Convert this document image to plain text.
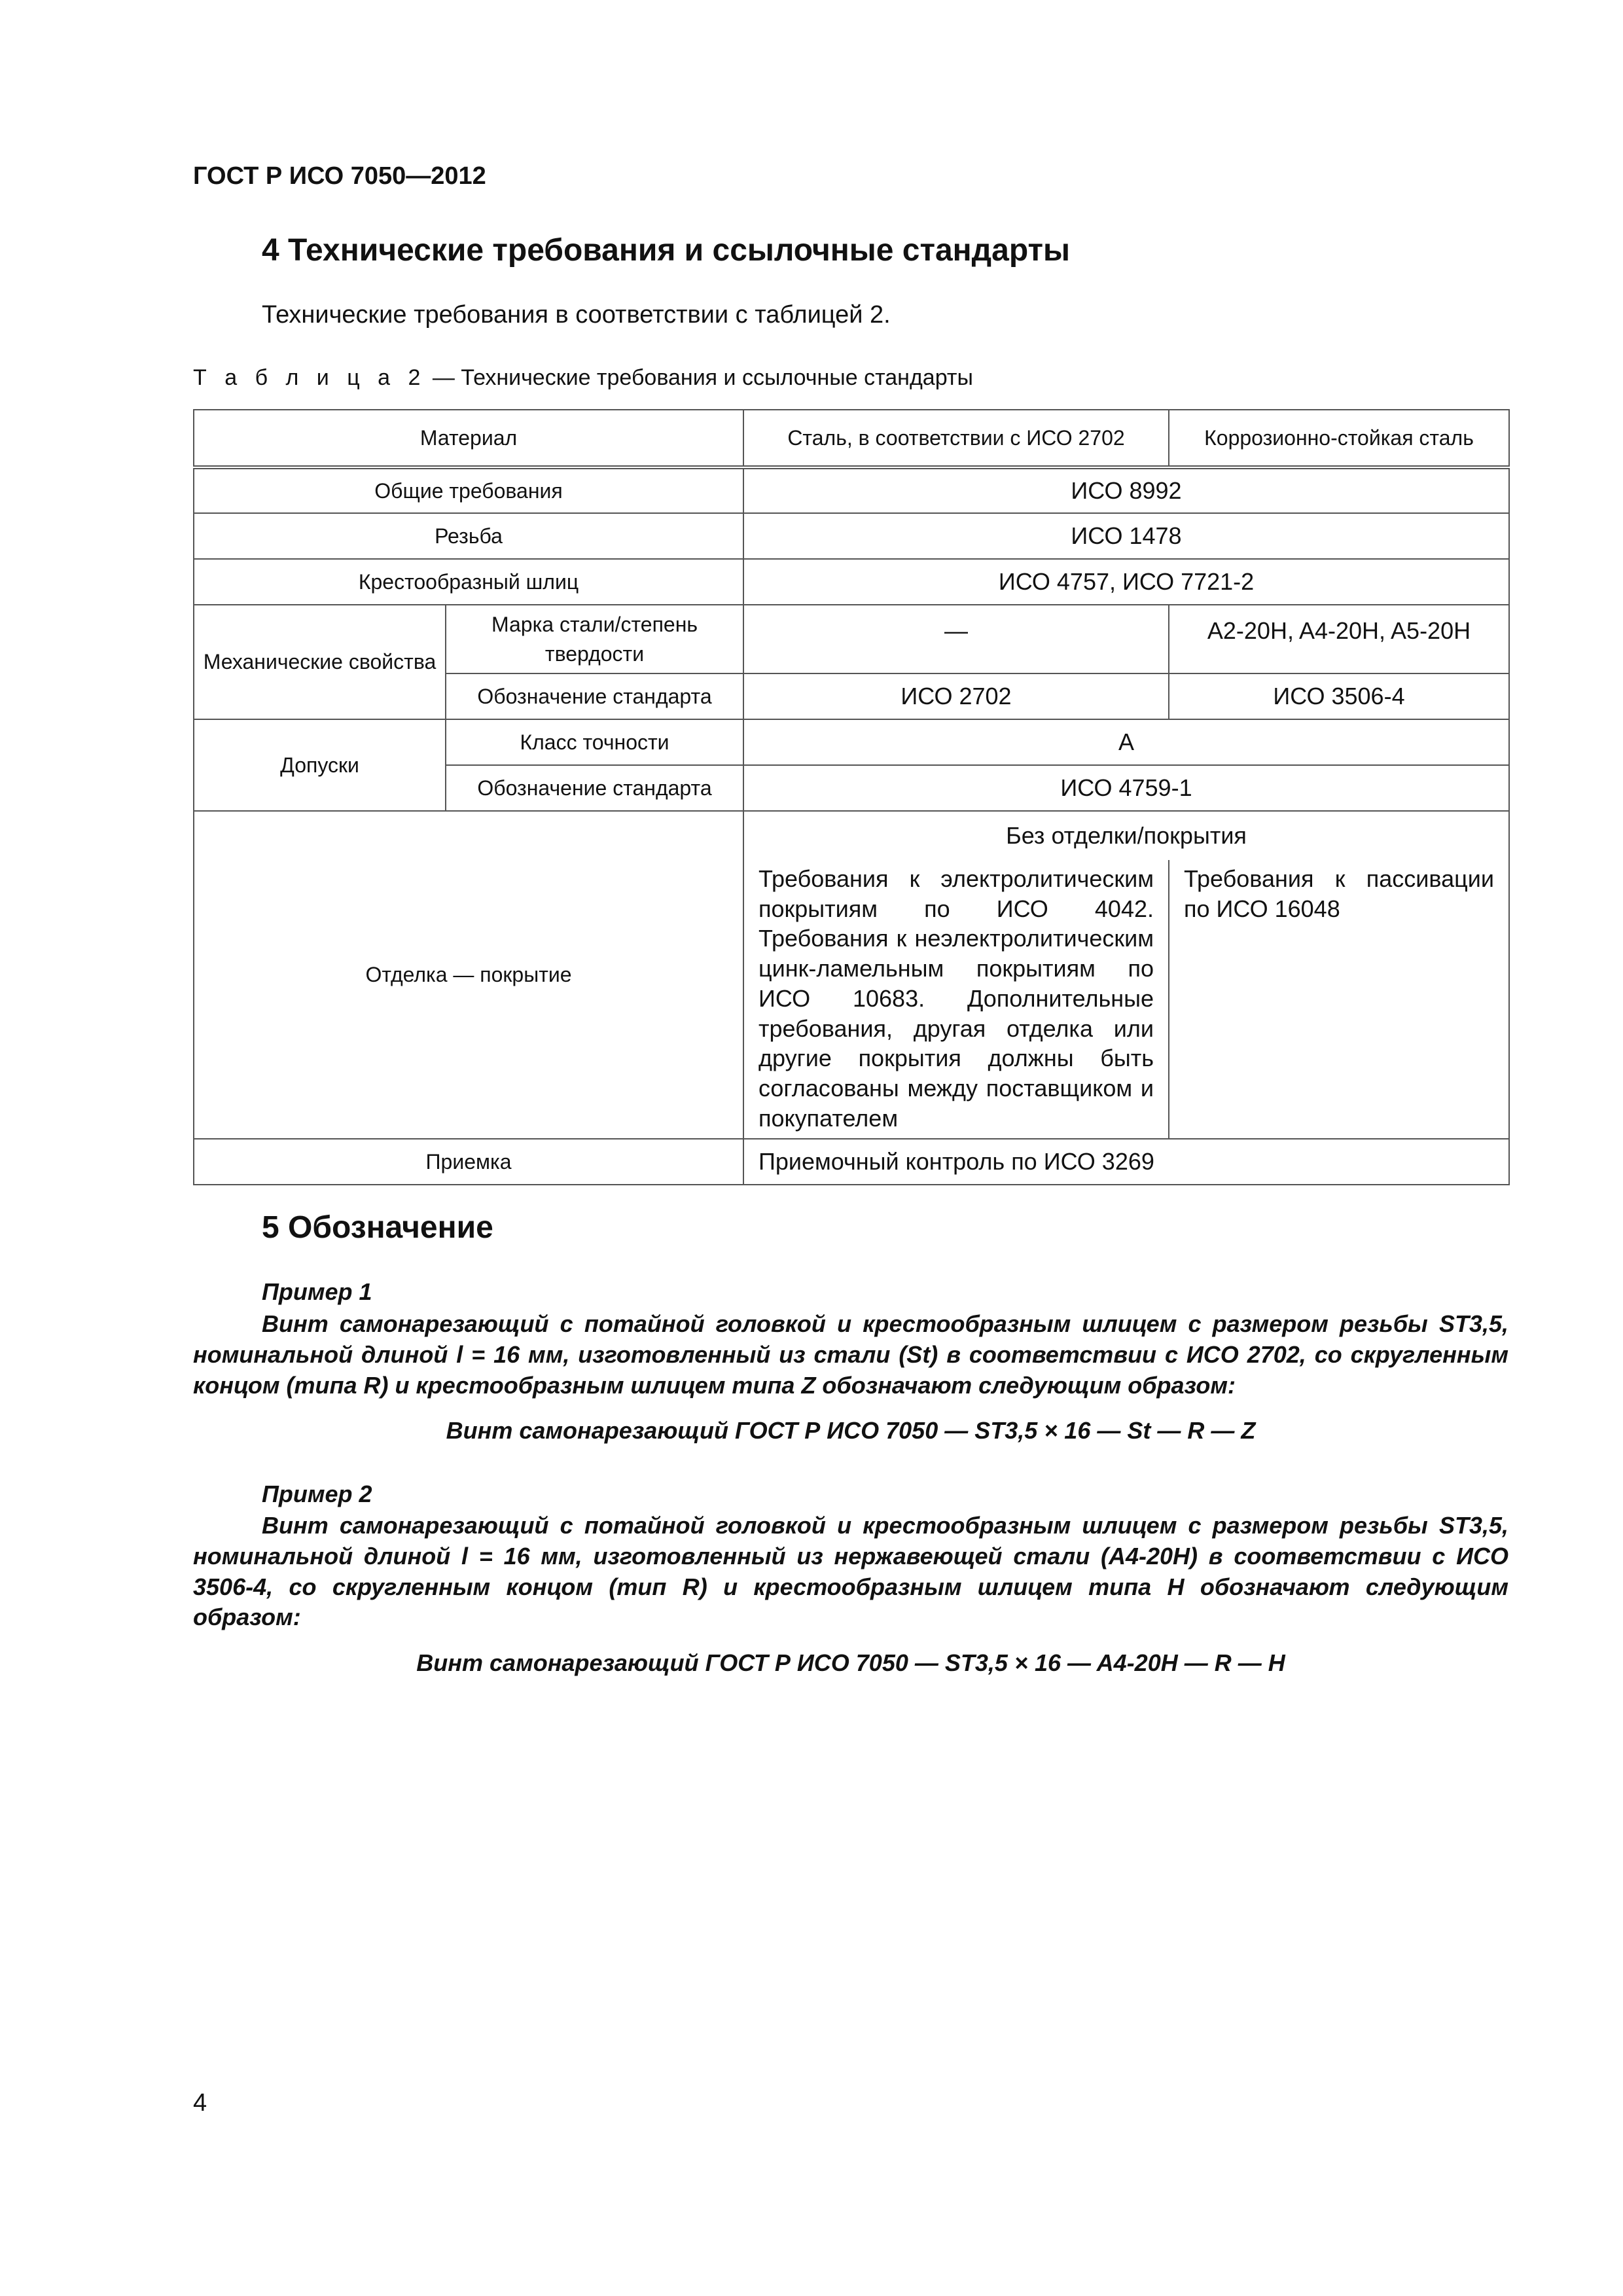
ГОСТ Р ИСО 7050—2012
4 Технические требования и ссылочные стандарты
Технические требования в соответствии с таблицей 2.
Т а б л и ц а 2 — Технические требования и ссылочные стандарты
Материал		Сталь, в соответствии с ИСО 2702	Коррозионно-стойкая сталь
Общие требования		ИСО 8992	
Резьба		ИСО 1478	
Крестообразный шлиц		ИСО 4757, ИСО 7721-2	
Механические свойства	Марка стали/степень твердости	—	A2-20H, A4-20H, A5-20H
	Обозначение стандарта	ИСО 2702	ИСО 3506-4
Допуски	Класс точности	A	
	Обозначение стандарта	ИСО 4759-1	
Отделка — покрытие		Без отделки/покрытия	
		Требования к электролитическим покрытиям по ИСО 4042. Требования к неэлектролитическим цинк-ламельным покрытиям по ИСО 10683. Дополнительные требования, другая отделка или другие покрытия должны быть согласованы между поставщиком и покупателем	Требования к пассивации по ИСО 16048
Приемка		Приемочный контроль по ИСО 3269	
5 Обозначение
Пример 1
Винт самонарезающий с потайной головкой и крестообразным шлицем с размером резьбы ST3,5, номинальной длиной l = 16 мм, изготовленный из стали (St) в соответствии с ИСО 2702, со скругленным концом (типа R) и крестообразным шлицем типа Z обозначают следующим образом:
Винт самонарезающий ГОСТ Р ИСО 7050 — ST3,5 × 16 — St — R — Z
Пример 2
Винт самонарезающий с потайной головкой и крестообразным шлицем с размером резьбы ST3,5, номинальной длиной l = 16 мм, изготовленный из нержавеющей стали (A4-20H) в соответствии с ИСО 3506-4, со скругленным концом (тип R) и крестообразным шлицем типа H обозначают следующим образом:
Винт самонарезающий ГОСТ Р ИСО 7050 — ST3,5 × 16 — A4-20H — R — H
4
